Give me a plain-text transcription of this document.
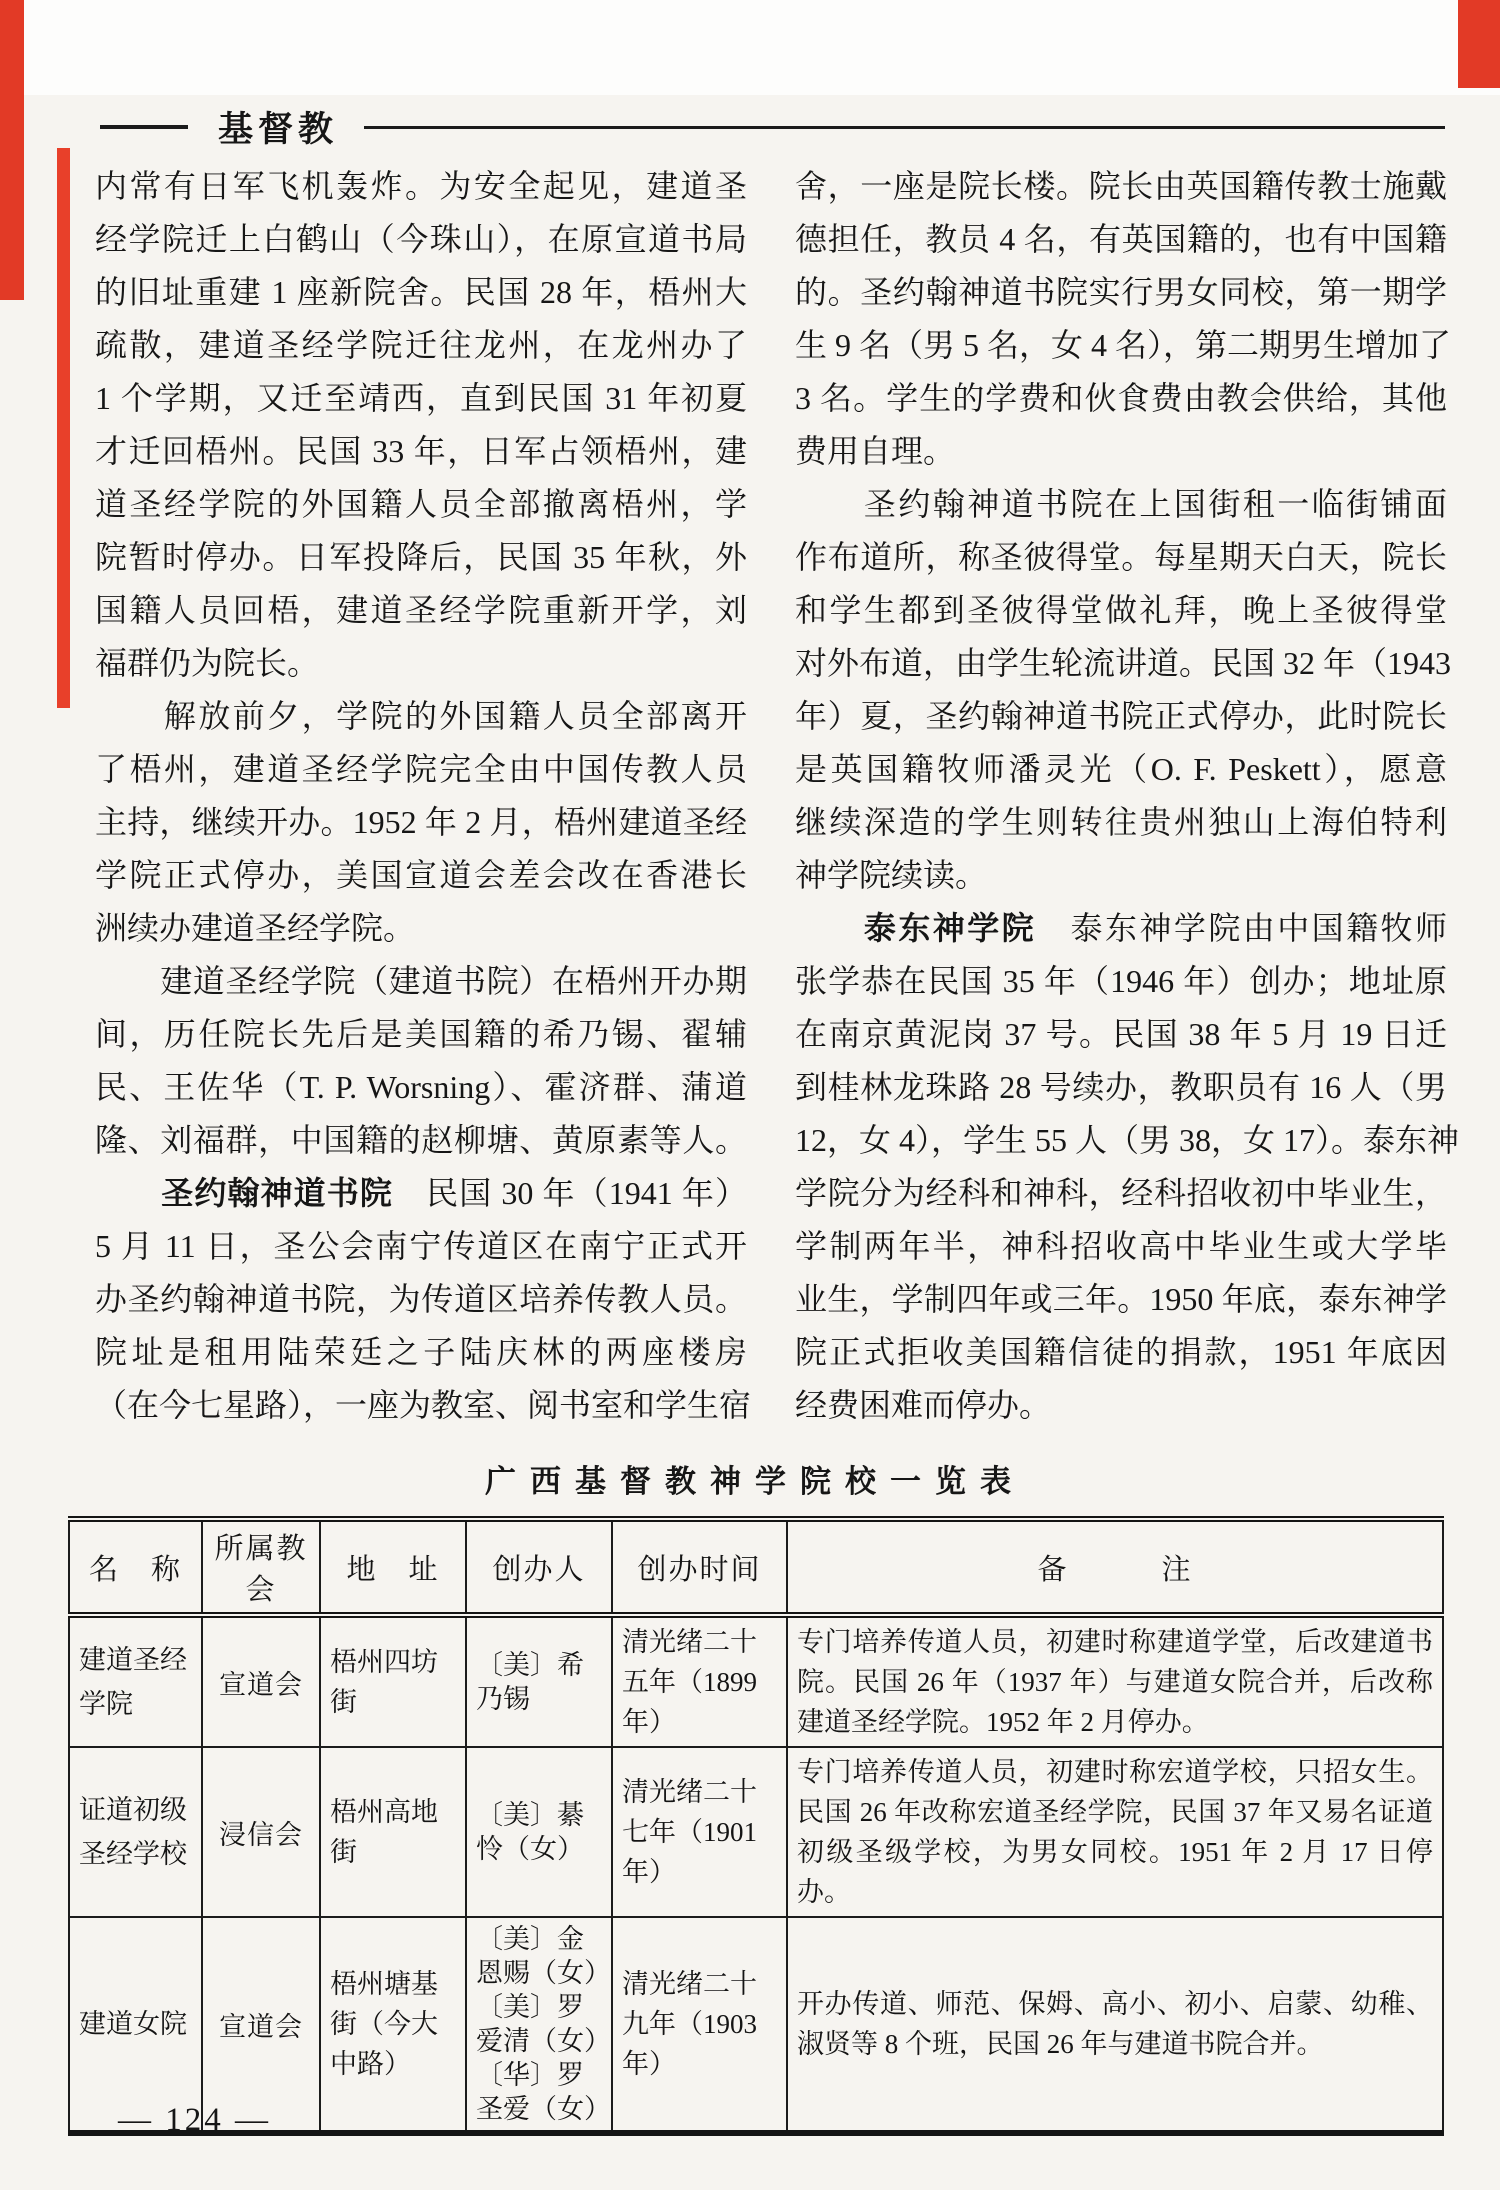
基督教
内常有日军飞机轰炸。为安全起见，建道圣
经学院迁上白鹤山（今珠山），在原宣道书局
的旧址重建 1 座新院舍。民国 28 年，梧州大
疏散，建道圣经学院迁往龙州，在龙州办了
1 个学期，又迁至靖西，直到民国 31 年初夏
才迁回梧州。民国 33 年，日军占领梧州，建
道圣经学院的外国籍人员全部撤离梧州，学
院暂时停办。日军投降后，民国 35 年秋，外
国籍人员回梧，建道圣经学院重新开学，刘
福群仍为院长。
　　解放前夕，学院的外国籍人员全部离开
了梧州，建道圣经学院完全由中国传教人员
主持，继续开办。1952 年 2 月，梧州建道圣经
学院正式停办，美国宣道会差会改在香港长
洲续办建道圣经学院。
　　建道圣经学院（建道书院）在梧州开办期
间，历任院长先后是美国籍的希乃锡、翟辅
民、王佐华（T. P. Worsning）、霍济群、蒲道
隆、刘福群，中国籍的赵柳塘、黄原素等人。
　　圣约翰神道书院　民国 30 年（1941 年）
5 月 11 日，圣公会南宁传道区在南宁正式开
办圣约翰神道书院，为传道区培养传教人员。
院址是租用陆荣廷之子陆庆林的两座楼房
（在今七星路），一座为教室、阅书室和学生宿
舍，一座是院长楼。院长由英国籍传教士施戴
德担任，教员 4 名，有英国籍的，也有中国籍
的。圣约翰神道书院实行男女同校，第一期学
生 9 名（男 5 名，女 4 名），第二期男生增加了
3 名。学生的学费和伙食费由教会供给，其他
费用自理。
　　圣约翰神道书院在上国街租一临街铺面
作布道所，称圣彼得堂。每星期天白天，院长
和学生都到圣彼得堂做礼拜，晚上圣彼得堂
对外布道，由学生轮流讲道。民国 32 年（1943
年）夏，圣约翰神道书院正式停办，此时院长
是英国籍牧师潘灵光（O. F. Peskett），愿意
继续深造的学生则转往贵州独山上海伯特利
神学院续读。
　　泰东神学院　泰东神学院由中国籍牧师
张学恭在民国 35 年（1946 年）创办；地址原
在南京黄泥岗 37 号。民国 38 年 5 月 19 日迁
到桂林龙珠路 28 号续办，教职员有 16 人（男
12，女 4），学生 55 人（男 38，女 17）。泰东神
学院分为经科和神科，经科招收初中毕业生，
学制两年半，神科招收高中毕业生或大学毕
业生，学制四年或三年。1950 年底，泰东神学
院正式拒收美国籍信徒的捐款，1951 年底因
经费困难而停办。
广西基督教神学院校一览表
名　称	所属教会	地　址	创办人	创办时间	备　　　注
建道圣经学院	宣道会	梧州四坊街	〔美〕希乃锡	清光绪二十五年（1899年）	专门培养传道人员，初建时称建道学堂，后改建道书院。民国 26 年（1937 年）与建道女院合并，后改称建道圣经学院。1952 年 2 月停办。
证道初级圣经学校	浸信会	梧州高地街	〔美〕綦怜（女）	清光绪二十七年（1901年）	专门培养传道人员，初建时称宏道学校，只招女生。民国 26 年改称宏道圣经学院，民国 37 年又易名证道初级圣级学校，为男女同校。1951 年 2 月 17 日停办。
建道女院	宣道会	梧州塘基街（今大中路）	〔美〕金恩赐（女）
〔美〕罗爱清（女）
〔华〕罗圣爱（女）	清光绪二十九年（1903年）	开办传道、师范、保姆、高小、初小、启蒙、幼稚、淑贤等 8 个班，民国 26 年与建道书院合并。
— 124 —
